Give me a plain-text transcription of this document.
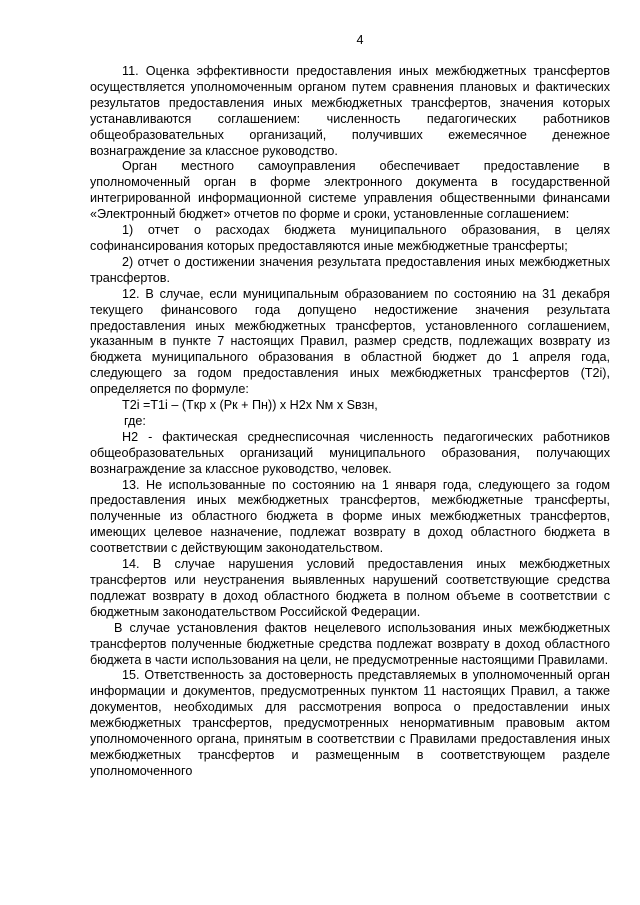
4

11. Оценка эффективности предоставления иных межбюджетных трансфертов осуществляется уполномоченным органом путем сравнения плановых и фактических результатов предоставления иных межбюджетных трансфертов, значения которых устанавливаются соглашением: численность педагогических работников общеобразовательных организаций, получивших ежемесячное денежное вознаграждение за классное руководство.

Орган местного самоуправления обеспечивает предоставление в уполномоченный орган в форме электронного документа в государственной интегрированной информационной системе управления общественными финансами «Электронный бюджет» отчетов по форме и сроки, установленные соглашением:

1) отчет о расходах бюджета муниципального образования, в целях софинансирования которых предоставляются иные межбюджетные трансферты;

2) отчет о достижении значения результата предоставления иных межбюджетных трансфертов.

12. В случае, если муниципальным образованием по состоянию на 31 декабря текущего финансового года допущено недостижение значения результата предоставления иных межбюджетных трансфертов, установленного соглашением, указанным в пункте 7 настоящих Правил, размер средств, подлежащих возврату из бюджета муниципального образования в областной бюджет до 1 апреля года, следующего за годом предоставления иных межбюджетных трансфертов (T2i), определяется по формуле:

T2i =T1i – (Tкр x (Pк + Пн)) x H2x Nм x Sвзн,

где:

H2 - фактическая среднесписочная численность педагогических работников общеобразовательных организаций муниципального образования, получающих вознаграждение за классное руководство, человек.

13. Не использованные по состоянию на 1 января года, следующего за годом предоставления иных межбюджетных трансфертов, межбюджетные трансферты, полученные из областного бюджета в форме иных межбюджетных трансфертов, имеющих целевое назначение, подлежат возврату в доход областного бюджета в соответствии с действующим законодательством.

14. В случае нарушения условий предоставления иных межбюджетных трансфертов или неустранения выявленных нарушений соответствующие средства подлежат возврату в доход областного бюджета в полном объеме в соответствии с бюджетным законодательством Российской Федерации.

В случае установления фактов нецелевого использования иных межбюджетных трансфертов полученные бюджетные средства подлежат возврату в доход областного бюджета в части использования на цели, не предусмотренные настоящими Правилами.

15. Ответственность за достоверность представляемых в уполномоченный орган информации и документов, предусмотренных пунктом 11 настоящих Правил, а также документов, необходимых для рассмотрения вопроса о предоставлении иных межбюджетных трансфертов, предусмотренных ненормативным правовым актом уполномоченного органа, принятым в соответствии с Правилами предоставления иных межбюджетных трансфертов и размещенным в соответствующем разделе уполномоченного
